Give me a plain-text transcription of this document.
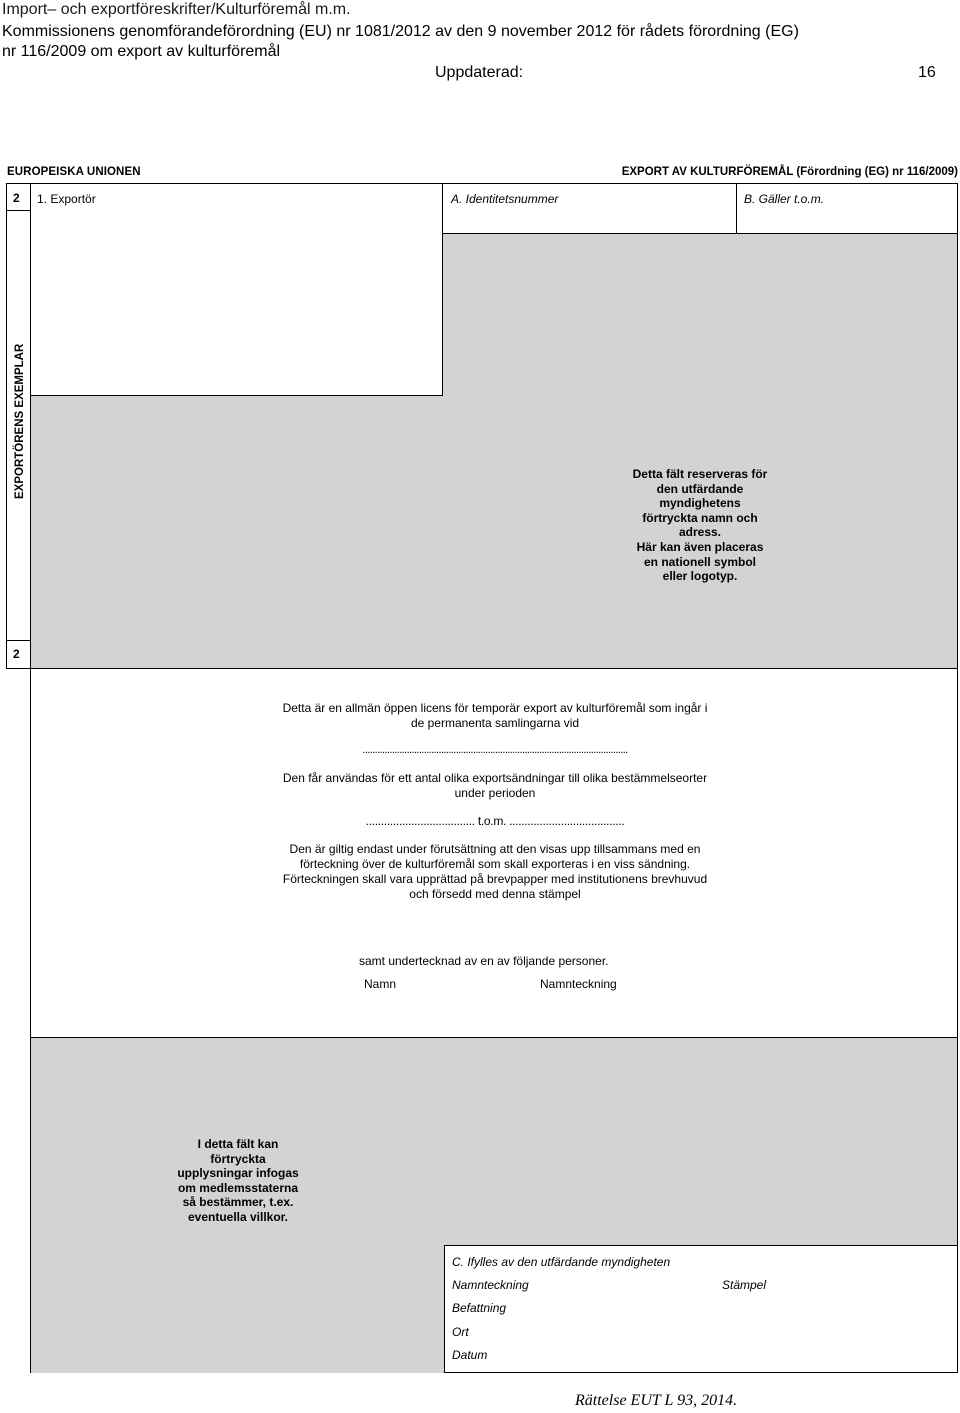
Import– och exportföreskrifter/Kulturföremål m.m.
Kommissionens genomförandeförordning (EU) nr 1081/2012 av den 9 november 2012 för rådets förordning (EG)
nr 116/2009 om export av kulturföremål
Uppdaterad:	16
EUROPEISKA UNIONEN	EXPORT AV KULTURFÖREMÅL (Förordning (EG) nr 116/2009)
2
EXPORTÖRENS EXEMPLAR
2
1. Exportör	A. Identitetsnummer	B. Gäller t.o.m.
Detta fält reserveras för
den utfärdande
myndighetens
förtryckta namn och
adress.
Här kan även placeras
en nationell symbol
eller logotyp.
Detta är en allmän öppen licens för temporär export av kulturföremål som ingår i
de permanenta samlingarna vid
............................................................................................................
Den får användas för ett antal olika exportsändningar till olika bestämmelseorter
under perioden
.................................... t.o.m. ......................................
Den är giltig endast under förutsättning att den visas upp tillsammans med en
förteckning över de kulturföremål som skall exporteras i en viss sändning.
Förteckningen skall vara upprättad på brevpapper med institutionens brevhuvud
och försedd med denna stämpel
samt undertecknad av en av följande personer.
Namn	Namnteckning
I detta fält kan
förtryckta
upplysningar infogas
om medlemsstaterna
så bestämmer, t.ex.
eventuella villkor.
C. Ifylles av den utfärdande myndigheten
Namnteckning	Stämpel
Befattning
Ort
Datum
Rättelse EUT L 93, 2014.
